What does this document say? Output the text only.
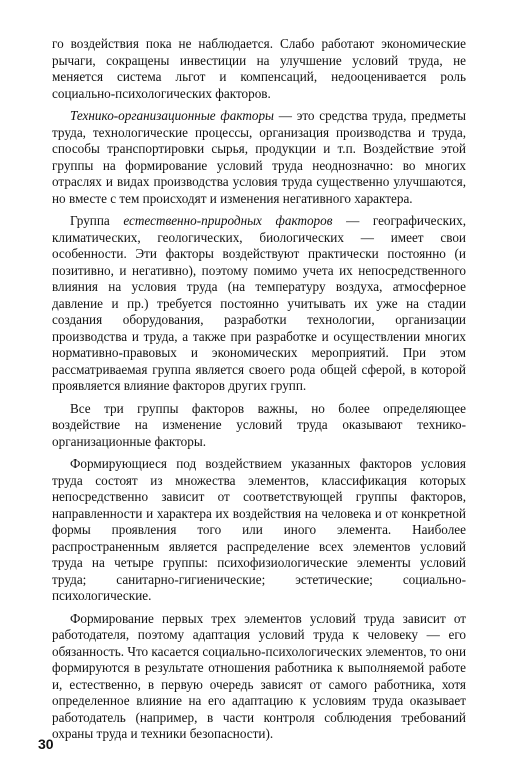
го воздействия пока не наблюдается. Слабо работают экономические рычаги, сокращены инвестиции на улучшение условий труда, не меняется система льгот и компенсаций, недооценивается роль социально-психологических факторов.

Технико-организационные факторы — это средства труда, предметы труда, технологические процессы, организация производства и труда, способы транспортировки сырья, продукции и т.п. Воздействие этой группы на формирование условий труда неоднозначно: во многих отраслях и видах производства условия труда существенно улучшаются, но вместе с тем происходят и изменения негативного характера.

Группа естественно-природных факторов — географических, климатических, геологических, биологических — имеет свои особенности. Эти факторы воздействуют практически постоянно (и позитивно, и негативно), поэтому помимо учета их непосредственного влияния на условия труда (на температуру воздуха, атмосферное давление и пр.) требуется постоянно учитывать их уже на стадии создания оборудования, разработки технологии, организации производства и труда, а также при разработке и осуществлении многих нормативно-правовых и экономических мероприятий. При этом рассматриваемая группа является своего рода общей сферой, в которой проявляется влияние факторов других групп.

Все три группы факторов важны, но более определяющее воздействие на изменение условий труда оказывают технико-организационные факторы.

Формирующиеся под воздействием указанных факторов условия труда состоят из множества элементов, классификация которых непосредственно зависит от соответствующей группы факторов, направленности и характера их воздействия на человека и от конкретной формы проявления того или иного элемента. Наиболее распространенным является распределение всех элементов условий труда на четыре группы: психофизиологические элементы условий труда; санитарно-гигиенические; эстетические; социально-психологические.

Формирование первых трех элементов условий труда зависит от работодателя, поэтому адаптация условий труда к человеку — его обязанность. Что касается социально-психологических элементов, то они формируются в результате отношения работника к выполняемой работе и, естественно, в первую очередь зависят от самого работника, хотя определенное влияние на его адаптацию к условиям труда оказывает работодатель (например, в части контроля соблюдения требований охраны труда и техники безопасности).

30
